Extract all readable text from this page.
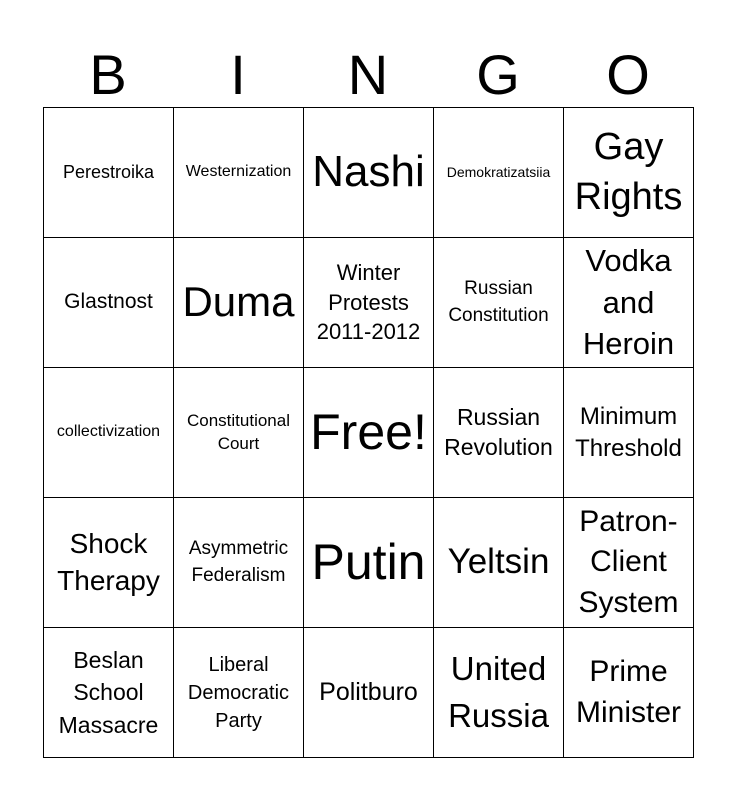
B	I	N	G	O
Perestroika	Westernization	Nashi	Demokratizatsiia	Gay Rights
Glastnost	Duma	Winter Protests 2011-2012	Russian Constitution	Vodka and Heroin
collectivization	Constitutional Court	Free!	Russian Revolution	Minimum Threshold
Shock Therapy	Asymmetric Federalism	Putin	Yeltsin	Patron-Client System
Beslan School Massacre	Liberal Democratic Party	Politburo	United Russia	Prime Minister
